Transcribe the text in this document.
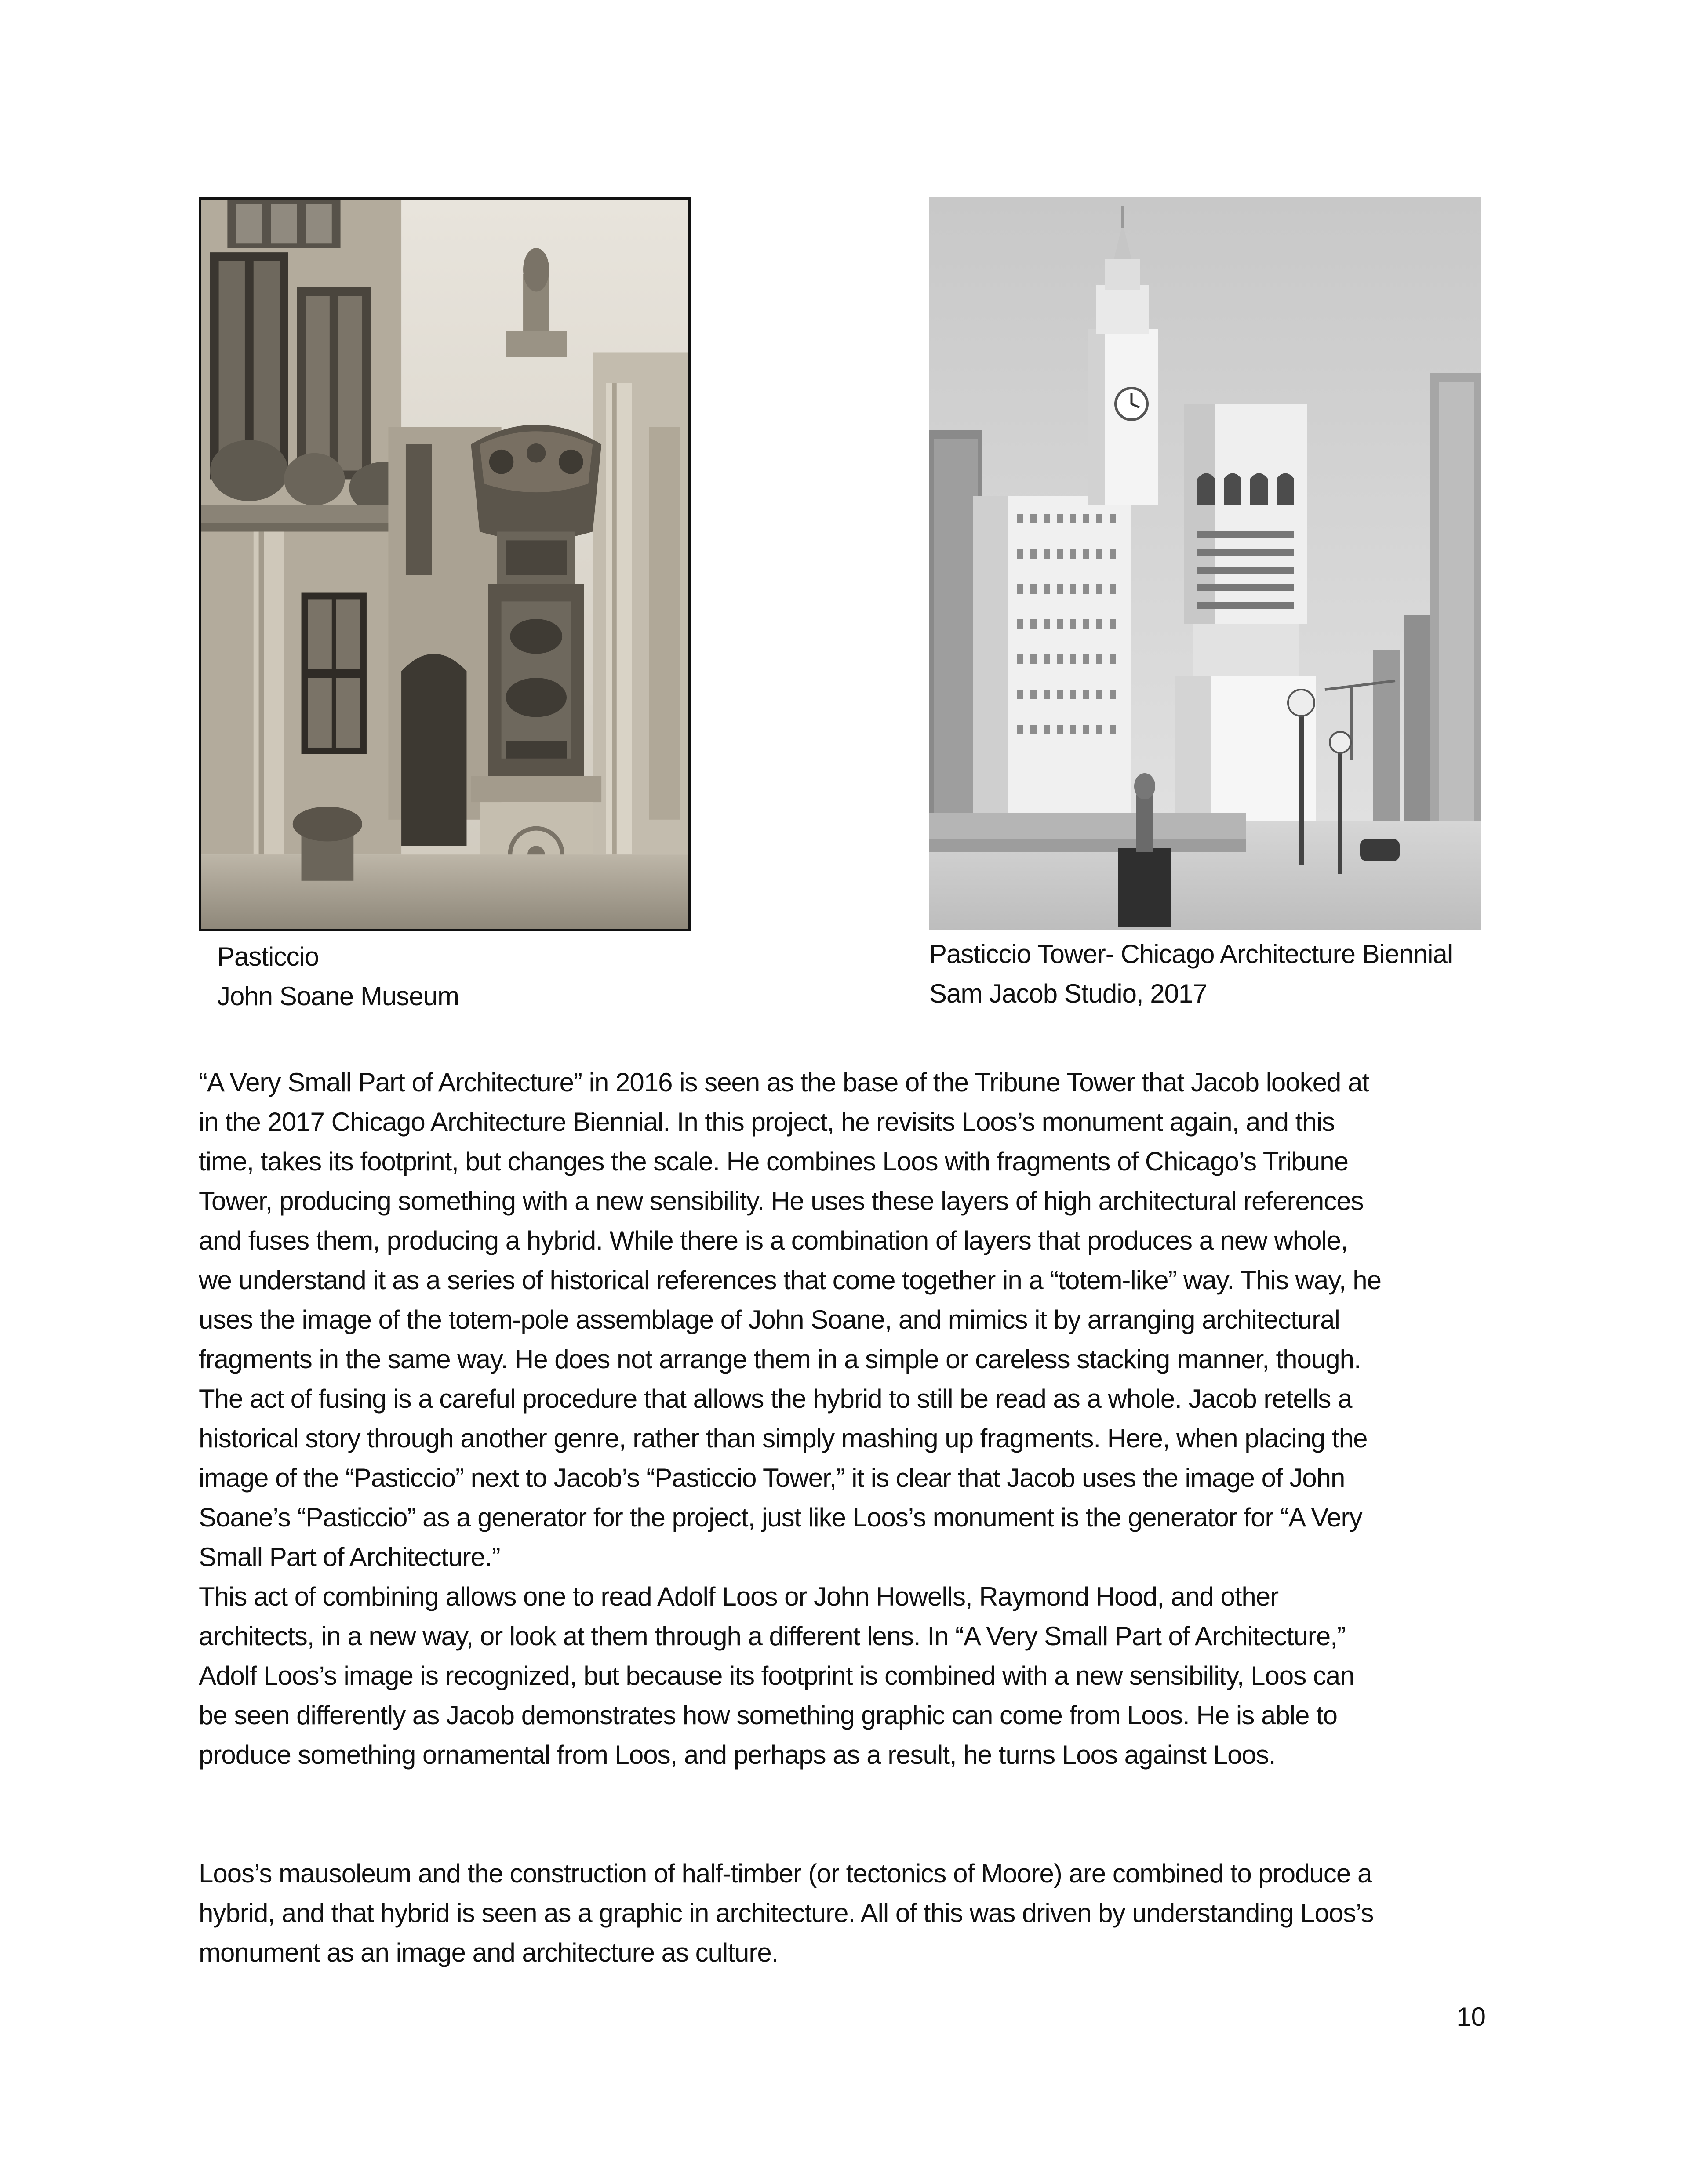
Pasticcio
John Soane Museum
Pasticcio Tower- Chicago Architecture Biennial
Sam Jacob Studio, 2017
“A Very Small Part of Architecture” in 2016 is seen as the base of the Tribune Tower that Jacob looked at
in the 2017 Chicago Architecture Biennial. In this project, he revisits Loos’s monument again, and this
time, takes its footprint, but changes the scale. He combines Loos with fragments of Chicago’s Tribune
Tower, producing something with a new sensibility. He uses these layers of high architectural references
and fuses them, producing a hybrid. While there is a combination of layers that produces a new whole,
we understand it as a series of historical references that come together in a “totem-like” way. This way, he
uses the image of the totem-pole assemblage of John Soane, and mimics it by arranging architectural
fragments in the same way. He does not arrange them in a simple or careless stacking manner, though.
The act of fusing is a careful procedure that allows the hybrid to still be read as a whole. Jacob retells a
historical story through another genre, rather than simply mashing up fragments. Here, when placing the
image of the “Pasticcio” next to Jacob’s “Pasticcio Tower,” it is clear that Jacob uses the image of John
Soane’s “Pasticcio” as a generator for the project, just like Loos’s monument is the generator for “A Very
Small Part of Architecture.”
This act of combining allows one to read Adolf Loos or John Howells, Raymond Hood, and other
architects, in a new way, or look at them through a different lens. In “A Very Small Part of Architecture,”
Adolf Loos’s image is recognized, but because its footprint is combined with a new sensibility, Loos can
be seen differently as Jacob demonstrates how something graphic can come from Loos. He is able to
produce something ornamental from Loos, and perhaps as a result, he turns Loos against Loos.
Loos’s mausoleum and the construction of half-timber (or tectonics of Moore) are combined to produce a
hybrid, and that hybrid is seen as a graphic in architecture. All of this was driven by understanding Loos’s
monument as an image and architecture as culture.
10
